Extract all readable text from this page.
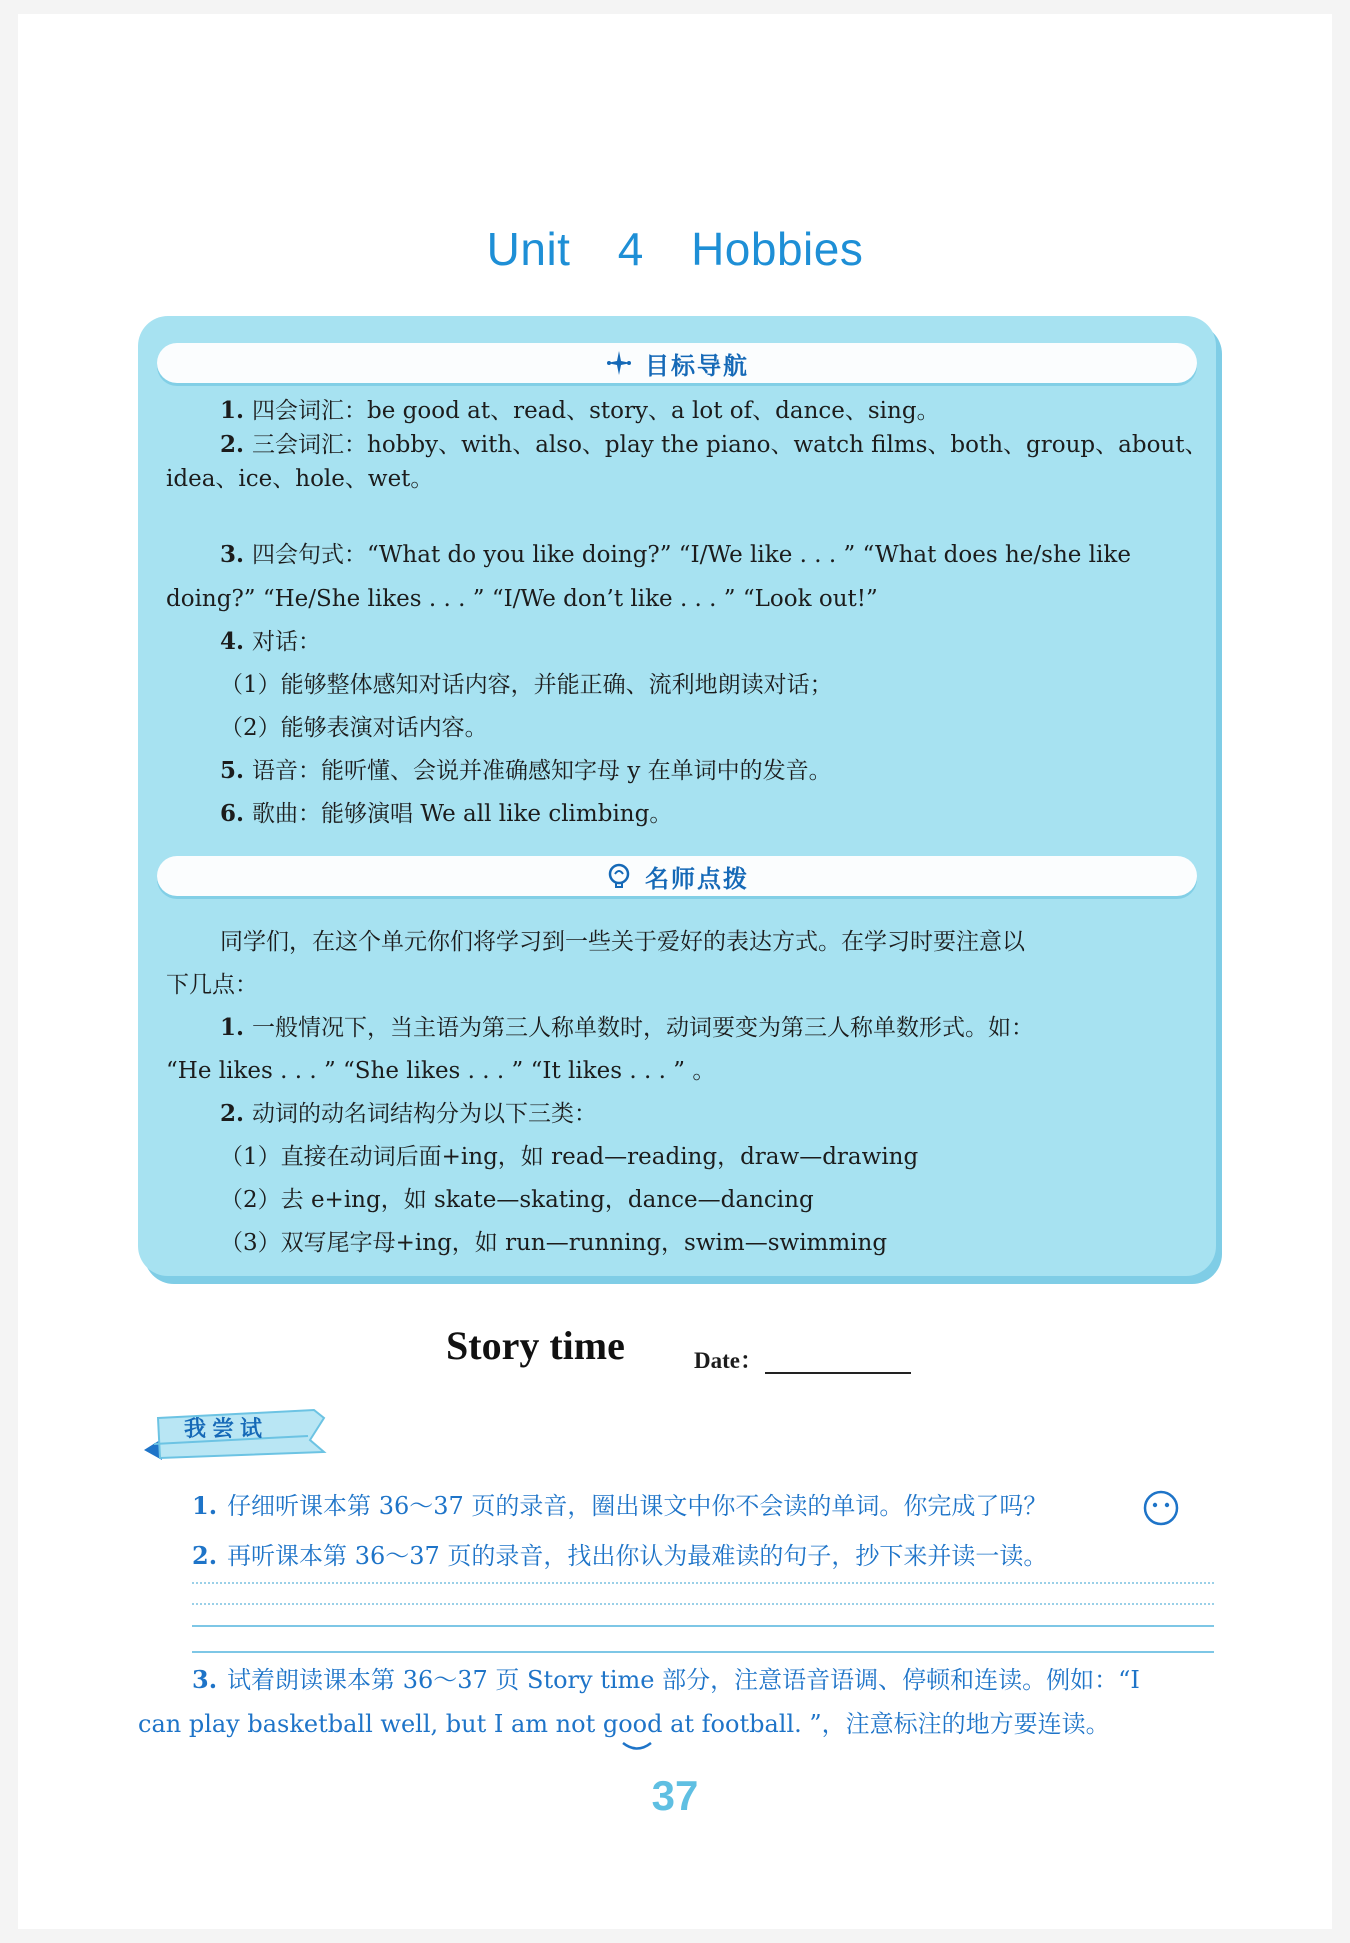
Unit 4 Hobbies
目标导航

1. 四会词汇：be good at、read、story、a lot of、dance、sing。

2. 三会词汇：hobby、with、also、play the piano、watch films、both、group、about、

idea、ice、hole、wet。

3. 四会句式：“What do you like doing?” “I/We like . . . ” “What does he/she like

doing?” “He/She likes . . . ” “I/We don’t like . . . ” “Look out!”

4. 对话：

（1）能够整体感知对话内容，并能正确、流利地朗读对话；

（2）能够表演对话内容。

5. 语音：能听懂、会说并准确感知字母 y 在单词中的发音。

6. 歌曲：能够演唱 We all like climbing。

名师点拨

同学们，在这个单元你们将学习到一些关于爱好的表达方式。在学习时要注意以

下几点：

1. 一般情况下，当主语为第三人称单数时，动词要变为第三人称单数形式。如：

“He likes . . . ” “She likes . . . ” “It likes . . . ” 。

2. 动词的动名词结构分为以下三类：

（1）直接在动词后面+ing，如 read—reading，draw—drawing

（2）去 e+ing，如 skate—skating，dance—dancing

（3）双写尾字母+ing，如 run—running，swim—swimming

Story time	Date：
我尝试

1. 仔细听课本第 36～37 页的录音，圈出课文中你不会读的单词。你完成了吗？

2. 再听课本第 36～37 页的录音，找出你认为最难读的句子，抄下来并读一读。

3. 试着朗读课本第 36～37 页 Story time 部分，注意语音语调、停顿和连读。例如：“I

can play basketball well, but I am not good at football. ”，注意标注的地方要连读。

37
